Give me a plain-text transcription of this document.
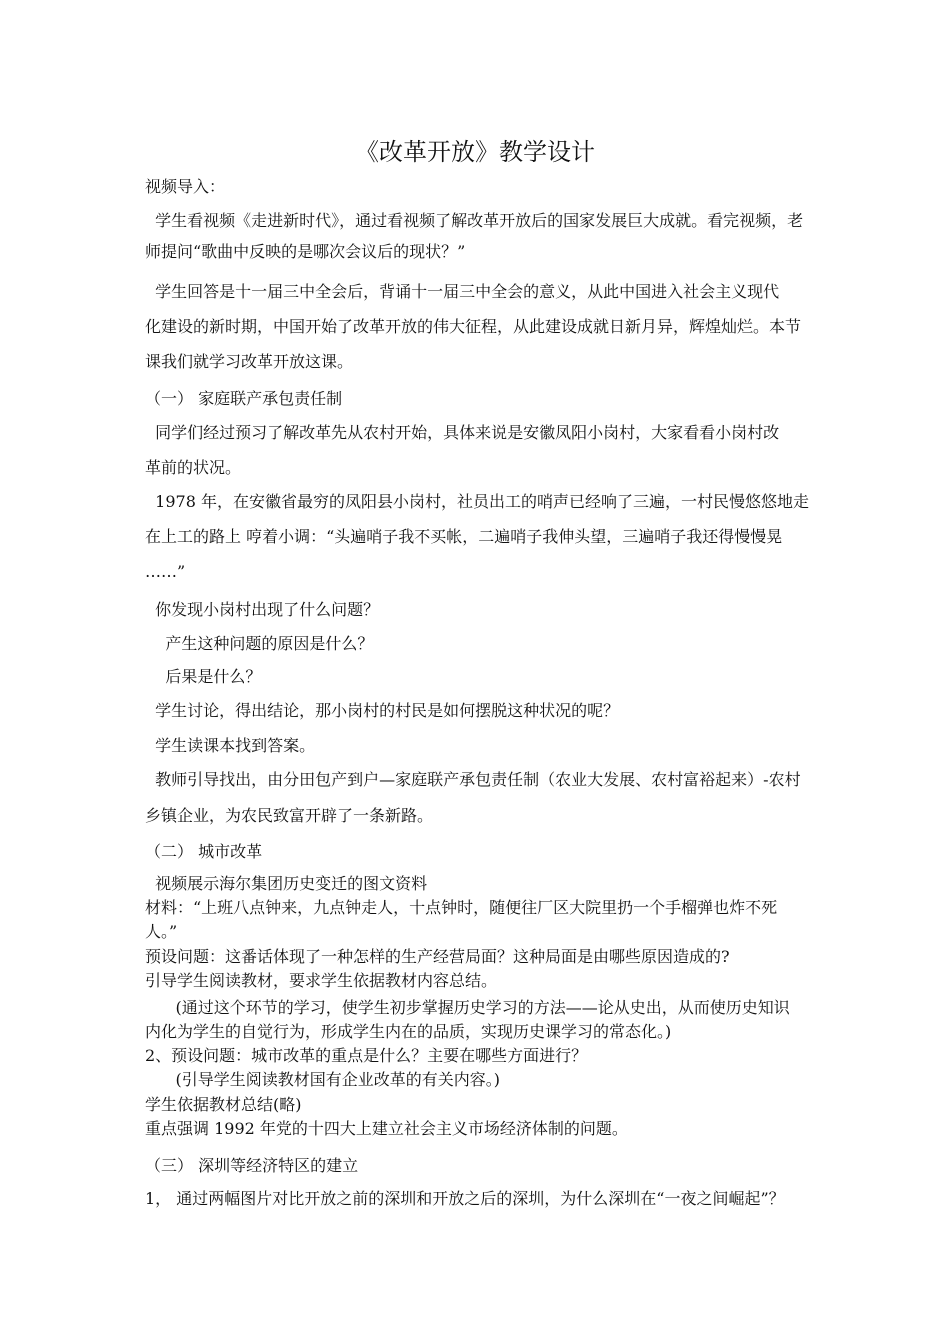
《改革开放》教学设计
视频导入：
学生看视频《走进新时代》，通过看视频了解改革开放后的国家发展巨大成就。看完视频，老
师提问“歌曲中反映的是哪次会议后的现状？”
学生回答是十一届三中全会后，背诵十一届三中全会的意义，从此中国进入社会主义现代
化建设的新时期，中国开始了改革开放的伟大征程，从此建设成就日新月异，辉煌灿烂。本节
课我们就学习改革开放这课。
（一） 家庭联产承包责任制
同学们经过预习了解改革先从农村开始，具体来说是安徽凤阳小岗村，大家看看小岗村改
革前的状况。
1978 年，在安徽省最穷的凤阳县小岗村，社员出工的哨声已经响了三遍，一村民慢悠悠地走
在上工的路上 哼着小调：“头遍哨子我不买帐，二遍哨子我伸头望，三遍哨子我还得慢慢晃
……”
你发现小岗村出现了什么问题？
产生这种问题的原因是什么？
后果是什么？
学生讨论，得出结论，那小岗村的村民是如何摆脱这种状况的呢？
学生读课本找到答案。
教师引导找出，由分田包产到户—家庭联产承包责任制（农业大发展、农村富裕起来）-农村
乡镇企业，为农民致富开辟了一条新路。
（二） 城市改革
视频展示海尔集团历史变迁的图文资料
材料：“上班八点钟来，九点钟走人，十点钟时，随便往厂区大院里扔一个手榴弹也炸不死
人。”
预设问题：这番话体现了一种怎样的生产经营局面？这种局面是由哪些原因造成的?
引导学生阅读教材，要求学生依据教材内容总结。
(通过这个环节的学习，使学生初步掌握历史学习的方法——论从史出，从而使历史知识
内化为学生的自觉行为，形成学生内在的品质，实现历史课学习的常态化。)
2、预设问题：城市改革的重点是什么？主要在哪些方面进行？
(引导学生阅读教材国有企业改革的有关内容。)
学生依据教材总结(略)
重点强调 1992 年党的十四大上建立社会主义市场经济体制的问题。
（三） 深圳等经济特区的建立
1， 通过两幅图片对比开放之前的深圳和开放之后的深圳，为什么深圳在“一夜之间崛起”？
